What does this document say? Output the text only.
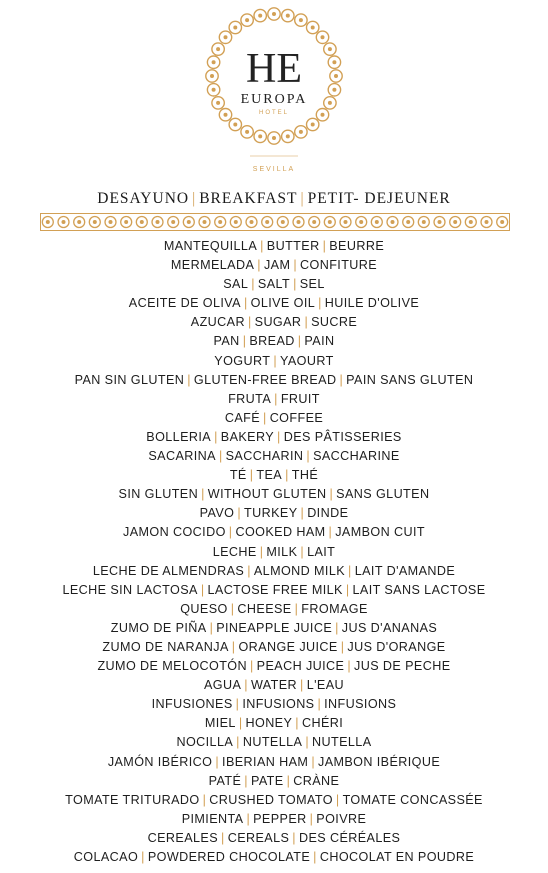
HE
EUROPA
HOTEL
SEVILLA
DESAYUNO | BREAKFAST | PETIT- DEJEUNER
MANTEQUILLA | BUTTER | BEURRE
MERMELADA | JAM | CONFITURE
SAL | SALT | SEL
ACEITE DE OLIVA | OLIVE OIL | HUILE D'OLIVE
AZUCAR | SUGAR | SUCRE
PAN | BREAD | PAIN
YOGURT | YAOURT
PAN SIN GLUTEN | GLUTEN-FREE BREAD | PAIN SANS GLUTEN
FRUTA | FRUIT
CAFÉ | COFFEE
BOLLERIA | BAKERY | DES PÂTISSERIES
SACARINA | SACCHARIN | SACCHARINE
TÉ | TEA | THÉ
SIN GLUTEN | WITHOUT GLUTEN | SANS GLUTEN
PAVO | TURKEY | DINDE
JAMON COCIDO | COOKED HAM | JAMBON CUIT
LECHE | MILK | LAIT
LECHE DE ALMENDRAS | ALMOND MILK | LAIT D'AMANDE
LECHE SIN LACTOSA | LACTOSE FREE MILK | LAIT SANS LACTOSE
QUESO | CHEESE | FROMAGE
ZUMO DE PIÑA | PINEAPPLE JUICE | JUS D'ANANAS
ZUMO DE NARANJA | ORANGE JUICE | JUS D'ORANGE
ZUMO DE MELOCOTÓN | PEACH JUICE | JUS DE PECHE
AGUA | WATER | L'EAU
INFUSIONES | INFUSIONS | INFUSIONS
MIEL | HONEY | CHÉRI
NOCILLA | NUTELLA | NUTELLA
JAMÓN IBÉRICO | IBERIAN HAM | JAMBON IBÉRIQUE
PATÉ | PATE | CRÀNE
TOMATE TRITURADO | CRUSHED TOMATO | TOMATE CONCASSÉE
PIMIENTA | PEPPER | POIVRE
CEREALES | CEREALS | DES CÉRÉALES
COLACAO | POWDERED CHOCOLATE | CHOCOLAT EN POUDRE
